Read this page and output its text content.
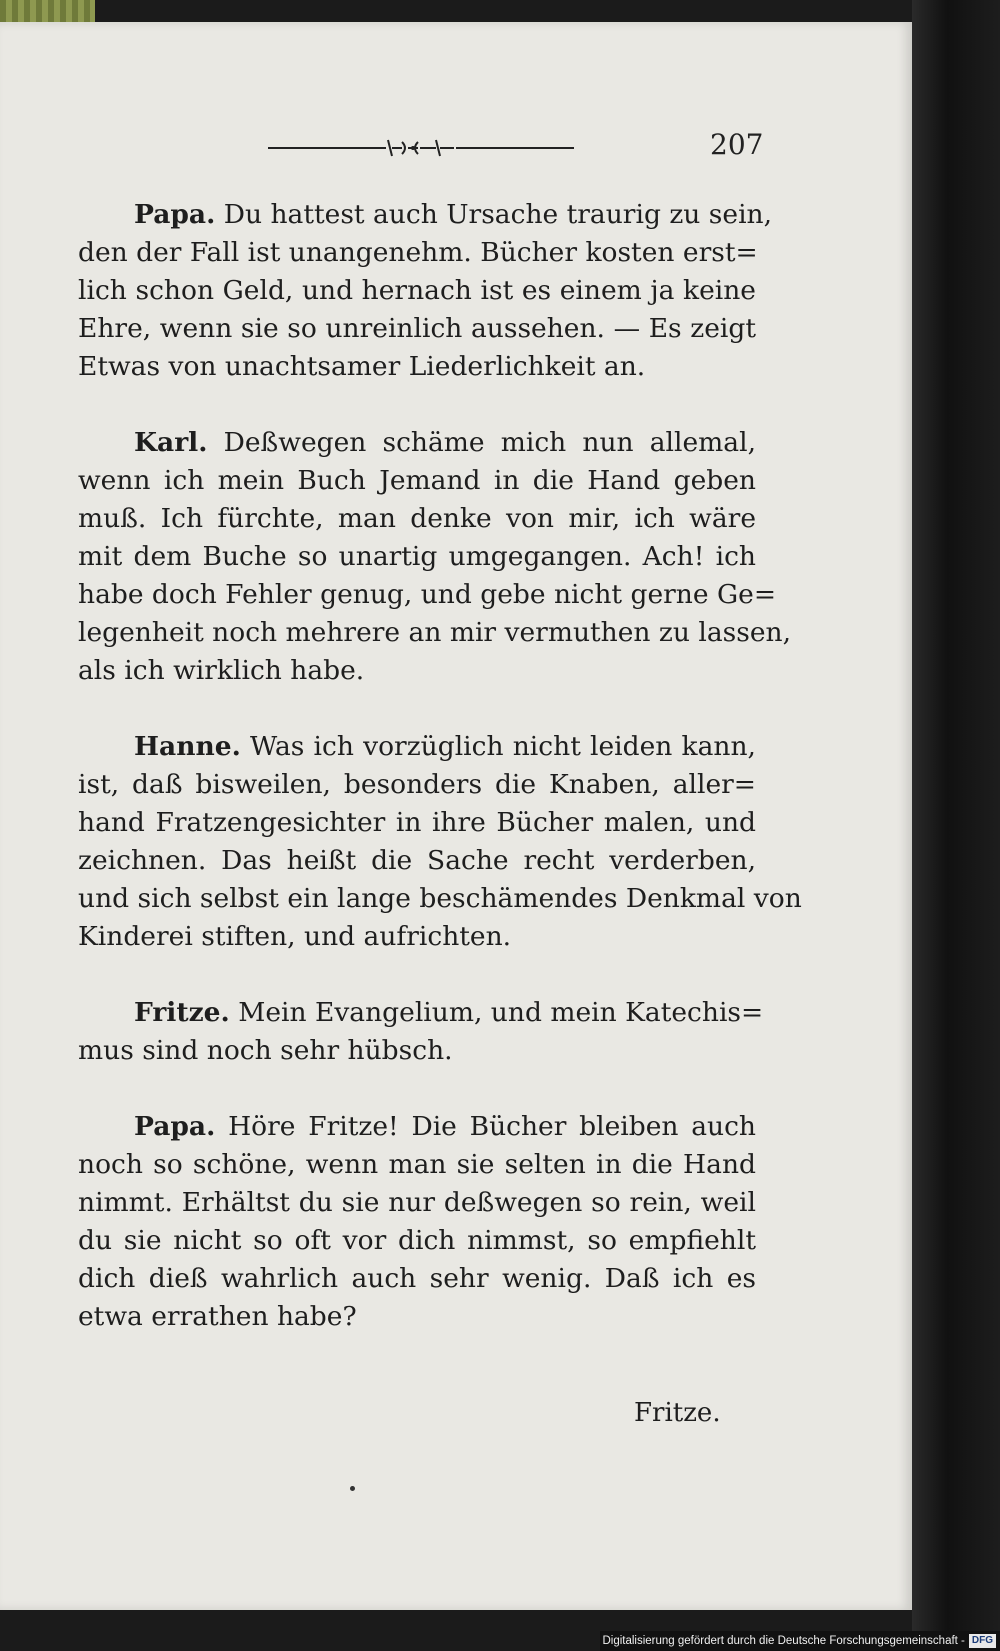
207
Papa. Du hattest auch Ursache traurig zu sein,
den der Fall ist unangenehm. Bücher kosten erst=
lich schon Geld, und hernach ist es einem ja keine
Ehre, wenn sie so unreinlich aussehen. — Es zeigt
Etwas von unachtsamer Liederlichkeit an.
Karl. Deßwegen schäme mich nun allemal,
wenn ich mein Buch Jemand in die Hand geben
muß. Ich fürchte, man denke von mir, ich wäre
mit dem Buche so unartig umgegangen. Ach! ich
habe doch Fehler genug, und gebe nicht gerne Ge=
legenheit noch mehrere an mir vermuthen zu lassen,
als ich wirklich habe.
Hanne. Was ich vorzüglich nicht leiden kann,
ist, daß bisweilen, besonders die Knaben, aller=
hand Fratzengesichter in ihre Bücher malen, und
zeichnen. Das heißt die Sache recht verderben,
und sich selbst ein lange beschämendes Denkmal von
Kinderei stiften, und aufrichten.
Fritze. Mein Evangelium, und mein Katechis=
mus sind noch sehr hübsch.
Papa. Höre Fritze! Die Bücher bleiben auch
noch so schöne, wenn man sie selten in die Hand
nimmt. Erhältst du sie nur deßwegen so rein, weil
du sie nicht so oft vor dich nimmst, so empfiehlt
dich dieß wahrlich auch sehr wenig. Daß ich es
etwa errathen habe?
Fritze.
Digitalisierung gefördert durch die Deutsche Forschungsgemeinschaft - DFG
